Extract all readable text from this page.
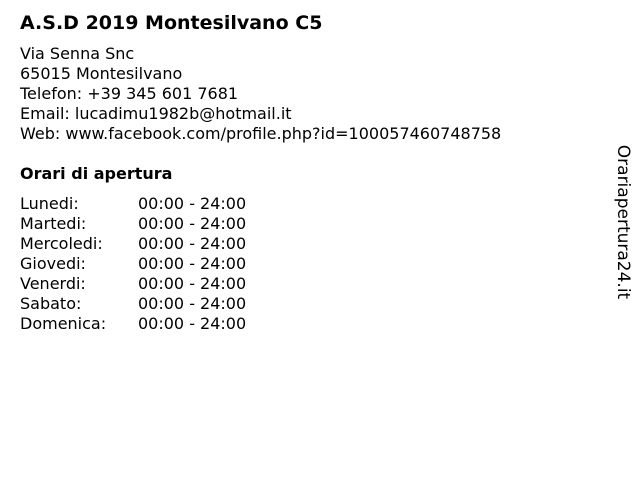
A.S.D 2019 Montesilvano C5
Via Senna Snc
65015 Montesilvano
Telefon: +39 345 601 7681
Email: lucadimu1982b@hotmail.it
Web: www.facebook.com/profile.php?id=100057460748758
Orari di apertura
Lunedi:	00:00 - 24:00
Martedi:	00:00 - 24:00
Mercoledi: 00:00 - 24:00
Giovedi:	00:00 - 24:00
Venerdi:	00:00 - 24:00
Sabato:	00:00 - 24:00
Domenica: 00:00 - 24:00
Orariapertura24.it
